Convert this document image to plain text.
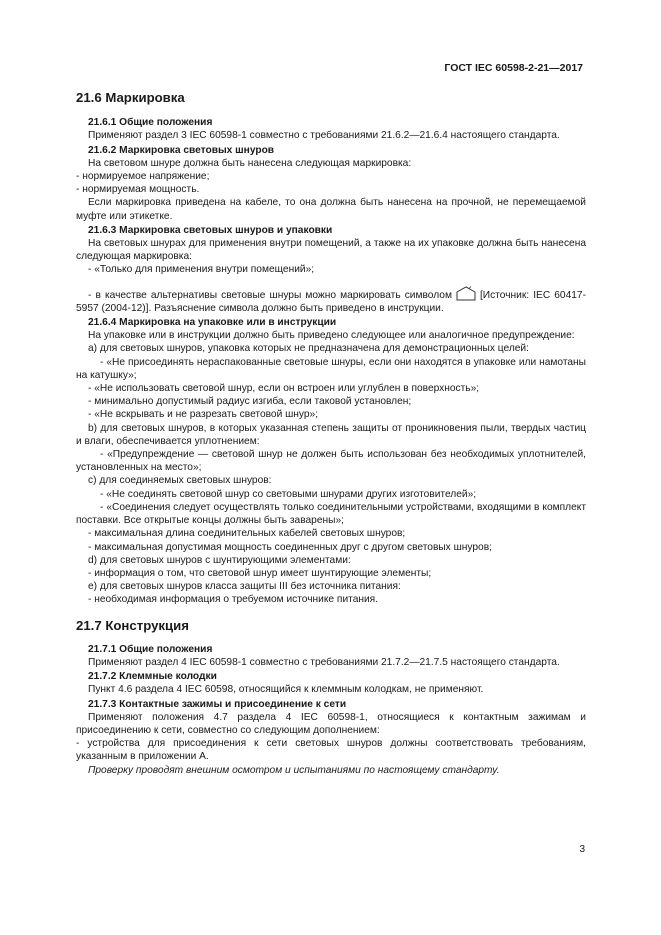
ГОСТ IEC 60598-2-21—2017

21.6 Маркировка

21.6.1 Общие положения

Применяют раздел 3 IEC 60598-1 совместно с требованиями 21.6.2—21.6.4 настоящего стандарта.

21.6.2 Маркировка световых шнуров

На световом шнуре должна быть нанесена следующая маркировка:

- нормируемое напряжение;

- нормируемая мощность.

Если маркировка приведена на кабеле, то она должна быть нанесена на прочной, не перемещаемой муфте или этикетке.

21.6.3 Маркировка световых шнуров и упаковки

На световых шнурах для применения внутри помещений, а также на их упаковке должна быть нанесена следующая маркировка:

- «Только для применения внутри помещений»;

- в качестве альтернативы световые шнуры можно маркировать символом	[Источник: IEC 60417-5957 (2004-12)]. Разъяснение символа должно быть приведено в инструкции.

21.6.4 Маркировка на упаковке или в инструкции

На упаковке или в инструкции должно быть приведено следующее или аналогичное предупреждение:

а) для световых шнуров, упаковка которых не предназначена для демонстрационных целей:

- «Не присоединять нераспакованные световые шнуры, если они находятся в упаковке или намотаны на катушку»;

- «Не использовать световой шнур, если он встроен или углублен в поверхность»;

- минимально допустимый радиус изгиба, если таковой установлен;

- «Не вскрывать и не разрезать световой шнур»;

b) для световых шнуров, в которых указанная степень защиты от проникновения пыли, твердых частиц и влаги, обеспечивается уплотнением:

- «Предупреждение — световой шнур не должен быть использован без необходимых уплотнителей, установленных на место»;

с) для соединяемых световых шнуров:

- «Не соединять световой шнур со световыми шнурами других изготовителей»;

- «Соединения следует осуществлять только соединительными устройствами, входящими в комплект поставки. Все открытые концы должны быть заварены»;

- максимальная длина соединительных кабелей световых шнуров;

- максимальная допустимая мощность соединенных друг с другом световых шнуров;

d) для световых шнуров с шунтирующими элементами:

- информация о том, что световой шнур имеет шунтирующие элементы;

е) для световых шнуров класса защиты III без источника питания:

- необходимая информация о требуемом источнике питания.

21.7 Конструкция

21.7.1 Общие положения

Применяют раздел 4 IEC 60598-1 совместно с требованиями 21.7.2—21.7.5 настоящего стандарта.

21.7.2 Клеммные колодки

Пункт 4.6 раздела 4 IEC 60598, относящийся к клеммным колодкам, не применяют.

21.7.3 Контактные зажимы и присоединение к сети

Применяют положения 4.7 раздела 4 IEC 60598-1, относящиеся к контактным зажимам и присоединению к сети, совместно со следующим дополнением:

- устройства для присоединения к сети световых шнуров должны соответствовать требованиям, указанным в приложении А.

Проверку проводят внешним осмотром и испытаниями по настоящему стандарту.

3
